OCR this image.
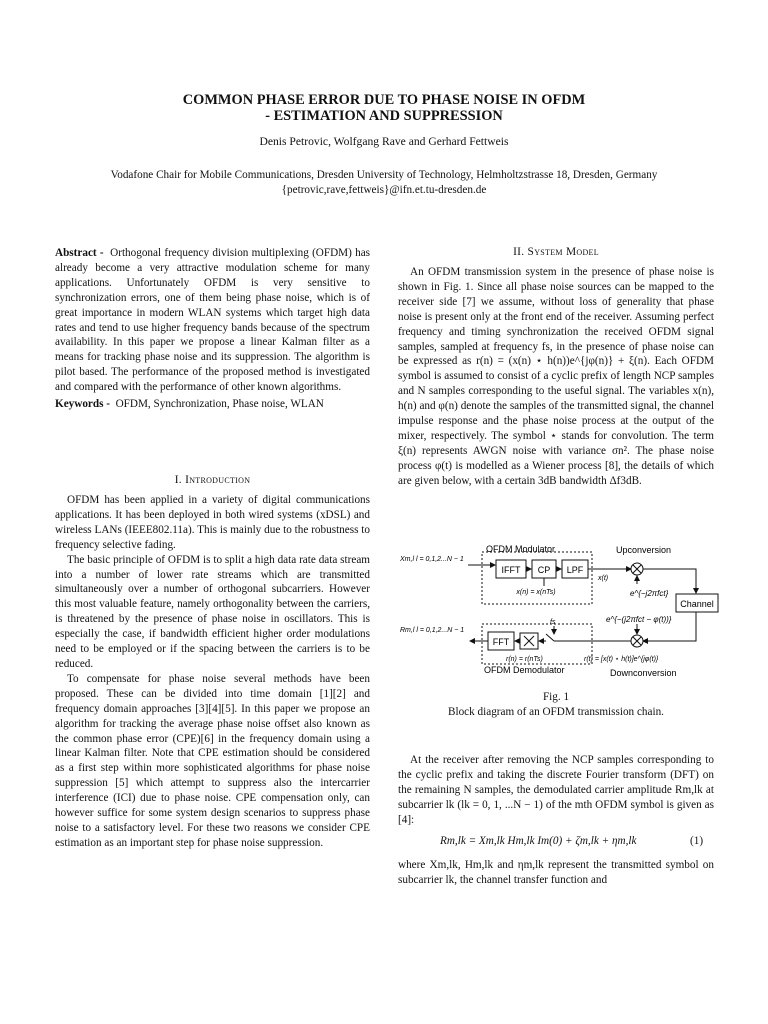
COMMON PHASE ERROR DUE TO PHASE NOISE IN OFDM
- ESTIMATION AND SUPPRESSION
Denis Petrovic, Wolfgang Rave and Gerhard Fettweis
Vodafone Chair for Mobile Communications, Dresden University of Technology, Helmholtzstrasse 18, Dresden, Germany
{petrovic,rave,fettweis}@ifn.et.tu-dresden.de

Abstract - Orthogonal frequency division multiplexing (OFDM) has already become a very attractive modulation scheme for many applications. Unfortunately OFDM is very sensitive to synchronization errors, one of them being phase noise, which is of great importance in modern WLAN systems which target high data rates and tend to use higher frequency bands because of the spectrum availability. In this paper we propose a linear Kalman filter as a means for tracking phase noise and its suppression. The algorithm is pilot based. The performance of the proposed method is investigated and compared with the performance of other known algorithms.

Keywords - OFDM, Synchronization, Phase noise, WLAN

I. Introduction

OFDM has been applied in a variety of digital communications applications. It has been deployed in both wired systems (xDSL) and wireless LANs (IEEE802.11a). This is mainly due to the robustness to frequency selective fading.

The basic principle of OFDM is to split a high data rate data stream into a number of lower rate streams which are transmitted simultaneously over a number of orthogonal subcarriers. However this most valuable feature, namely orthogonality between the carriers, is threatened by the presence of phase noise in oscillators. This is especially the case, if bandwidth efficient higher order modulations need to be employed or if the spacing between the carriers is to be reduced.

To compensate for phase noise several methods have been proposed. These can be divided into time domain [1][2] and frequency domain approaches [3][4][5]. In this paper we propose an algorithm for tracking the average phase noise offset also known as the common phase error (CPE)[6] in the frequency domain using a linear Kalman filter. Note that CPE estimation should be considered as a first step within more sophisticated algorithms for phase noise suppression [5] which attempt to suppress also the intercarrier interference (ICI) due to phase noise. CPE compensation only, can however suffice for some system design scenarios to suppress phase noise to a satisfactory level. For these two reasons we consider CPE estimation as an important step for phase noise suppression.

II. System Model

An OFDM transmission system in the presence of phase noise is shown in Fig. 1. Since all phase noise sources can be mapped to the receiver side [7] we assume, without loss of generality that phase noise is present only at the front end of the receiver. Assuming perfect frequency and timing synchronization the received OFDM signal samples, sampled at frequency fs, in the presence of phase noise can be expressed as r(n) = (x(n) ⋆ h(n))e^{jφ(n)} + ξ(n). Each OFDM symbol is assumed to consist of a cyclic prefix of length NCP samples and N samples corresponding to the useful signal. The variables x(n), h(n) and φ(n) denote the samples of the transmitted signal, the channel impulse response and the phase noise process at the output of the mixer, respectively. The symbol ⋆ stands for convolution. The term ξ(n) represents AWGN noise with variance σn². The phase noise process φ(t) is modelled as a Wiener process [8], the details of which are given below, with a certain 3dB bandwidth Δf3dB.

OFDM Modulator
Xm,l l = 0,1,2...N − 1
IFFT CP LPF
x(n) = x(nTs)
x(t)
Upconversion
e^{−j2πfct}
Channel
e^{−(j2πfct − φ(t))}
Downconversion
OFDM Demodulator
fs
FFT
Rm,l l = 0,1,2...N − 1
r(n) = r(nTs)	r(t) = [x(t) ⋆ h(t)]e^{jφ(t)}
Fig. 1
Block diagram of an OFDM transmission chain.

At the receiver after removing the NCP samples corresponding to the cyclic prefix and taking the discrete Fourier transform (DFT) on the remaining N samples, the demodulated carrier amplitude Rm,lk at subcarrier lk (lk = 0, 1, ...N − 1) of the mth OFDM symbol is given as [4]:

Rm,lk = Xm,lk Hm,lk Im(0) + ζm,lk + ηm,lk	(1)

where Xm,lk, Hm,lk and ηm,lk represent the transmitted symbol on subcarrier lk, the channel transfer function and
